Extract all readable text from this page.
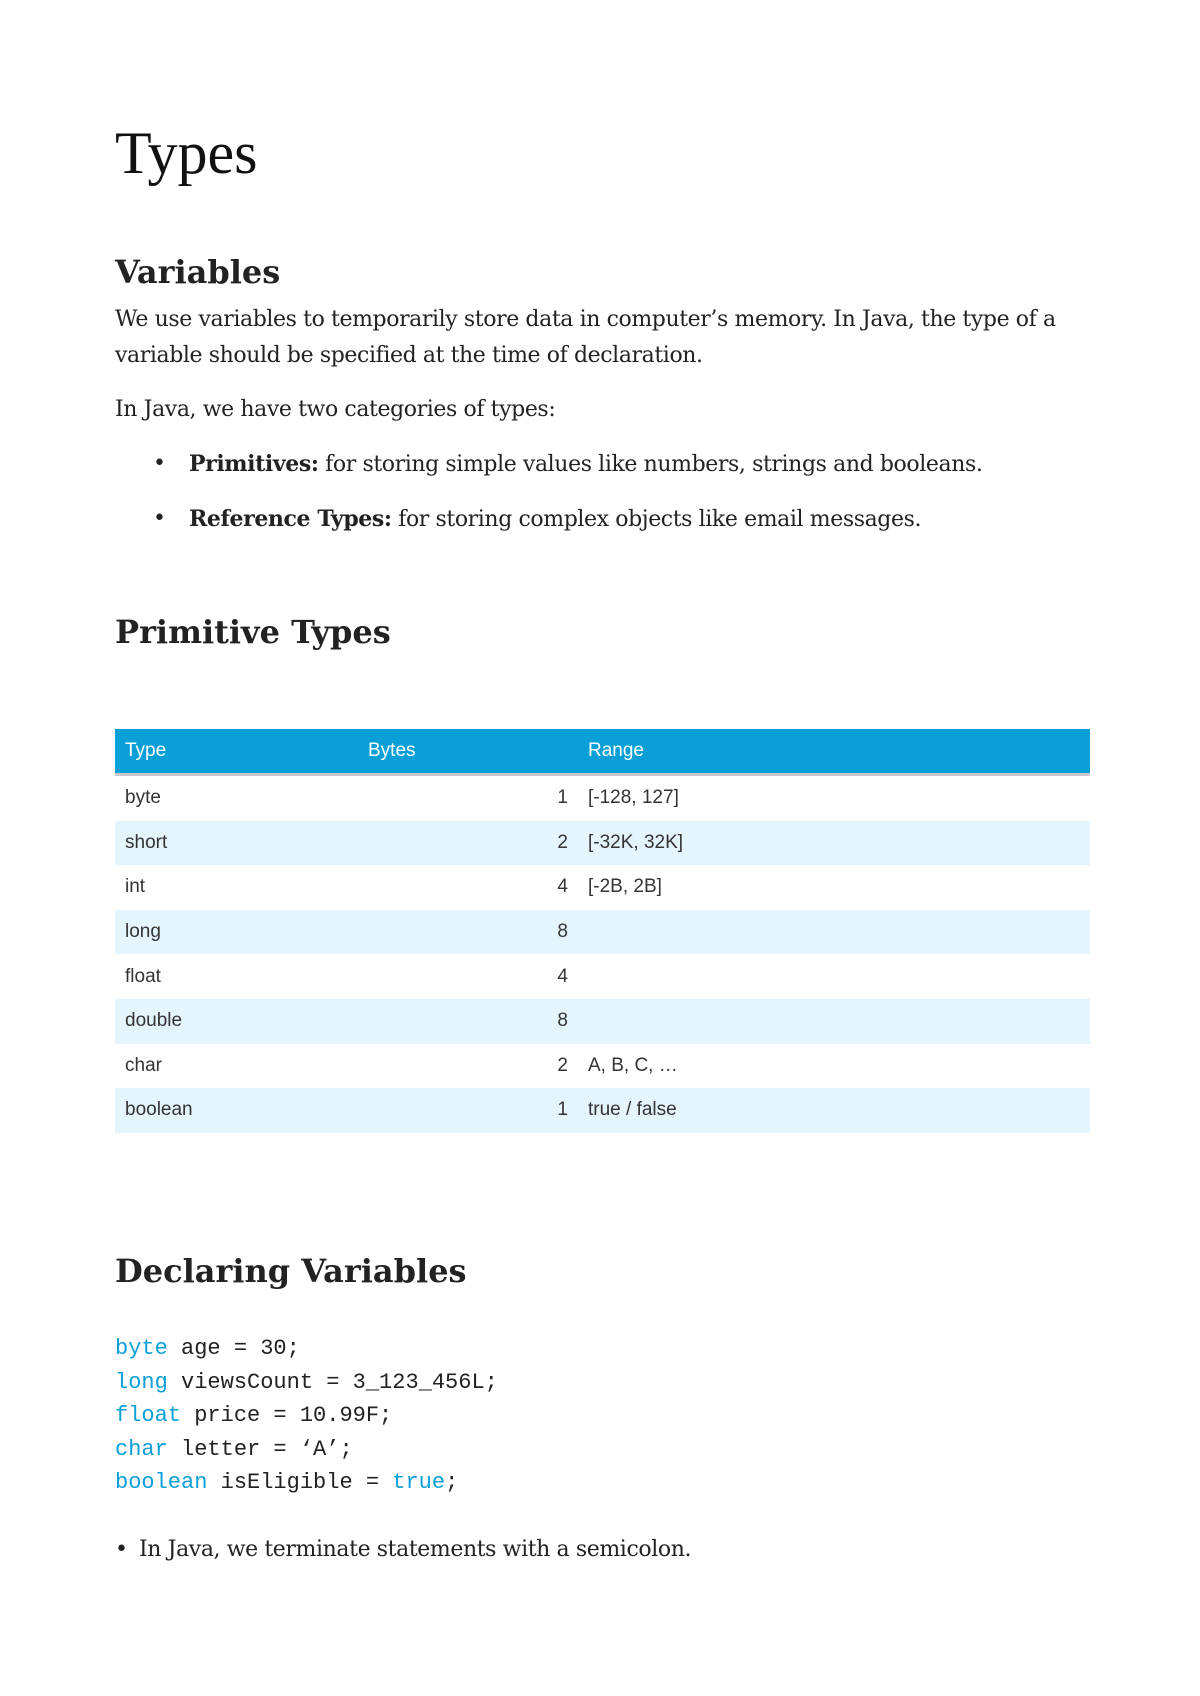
Types
Variables

We use variables to temporarily store data in computer’s memory. In Java, the type of a variable should be specified at the time of declaration.

In Java, we have two categories of types:

• Primitives: for storing simple values like numbers, strings and booleans.
• Reference Types: for storing complex objects like email messages.
Primitive Types
Type	Bytes	Range
byte	1	[-128, 127]
short	2	[-32K, 32K]
int	4	[-2B, 2B]
long	8	
float	4	
double	8	
char	2	A, B, C, …
boolean	1	true / false
Declaring Variables
byte age = 30;
long viewsCount = 3_123_456L;
float price = 10.99F;
char letter = ‘A’;
boolean isEligible = true;

• In Java, we terminate statements with a semicolon.
